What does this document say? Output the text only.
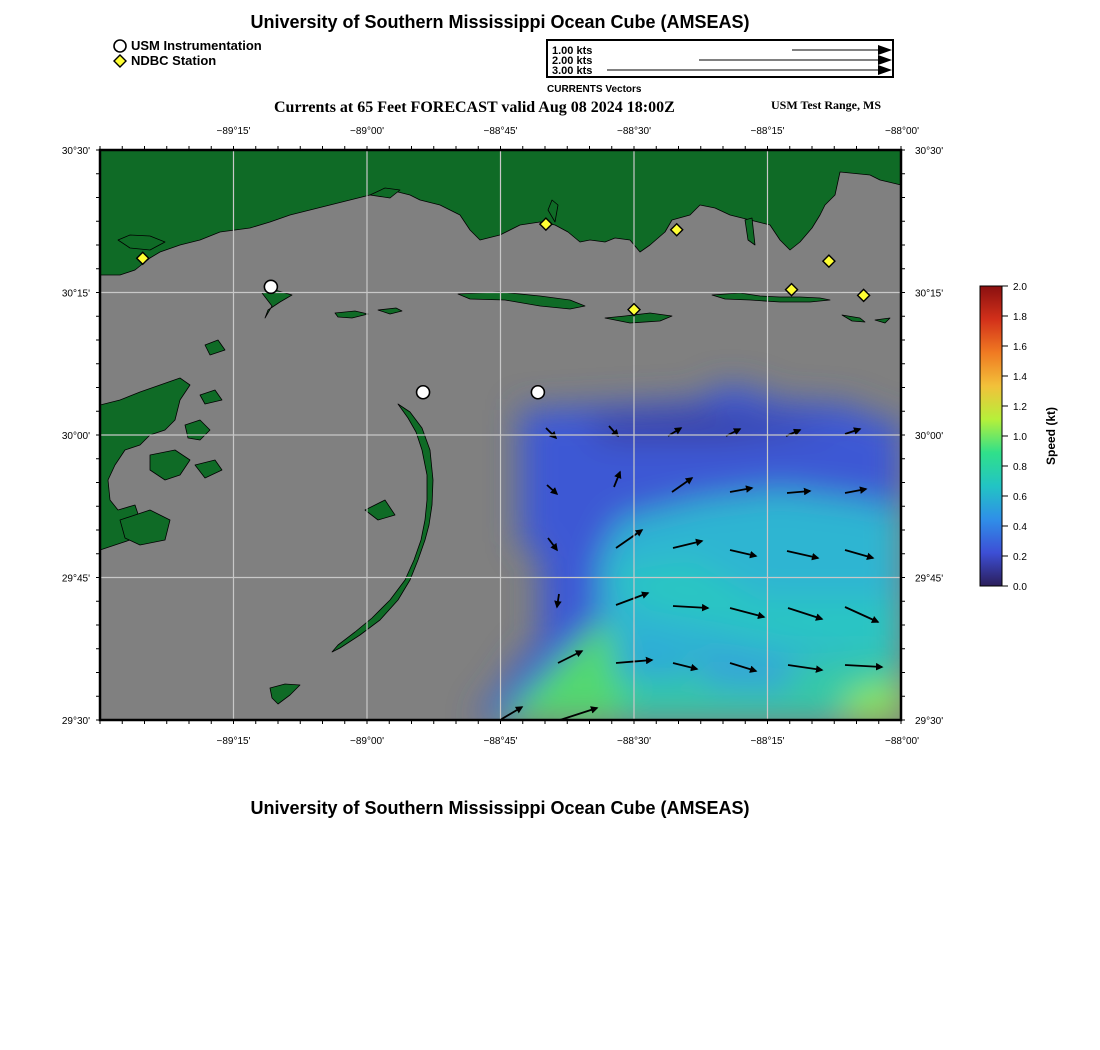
University of Southern Mississippi Ocean Cube (AMSEAS)
USM Instrumentation
NDBC Station
1.00 kts
2.00 kts
3.00 kts
CURRENTS Vectors
Currents at 65 Feet FORECAST valid Aug 08 2024 18:00Z	USM Test Range, MS
−89°15'
−89°15'
−89°00'
−89°00'
−88°45'
−88°45'
−88°30'
−88°30'
−88°15'
−88°15'
−88°00'
−88°00'
30°30'	30°30'
30°15'	30°15'
30°00'	30°00'
29°45'	29°45'
29°30'	29°30'
0.0
0.2
0.4
0.6
0.8
1.0
1.2
1.4
1.6
1.8
2.0
Speed (kt)
University of Southern Mississippi Ocean Cube (AMSEAS)
